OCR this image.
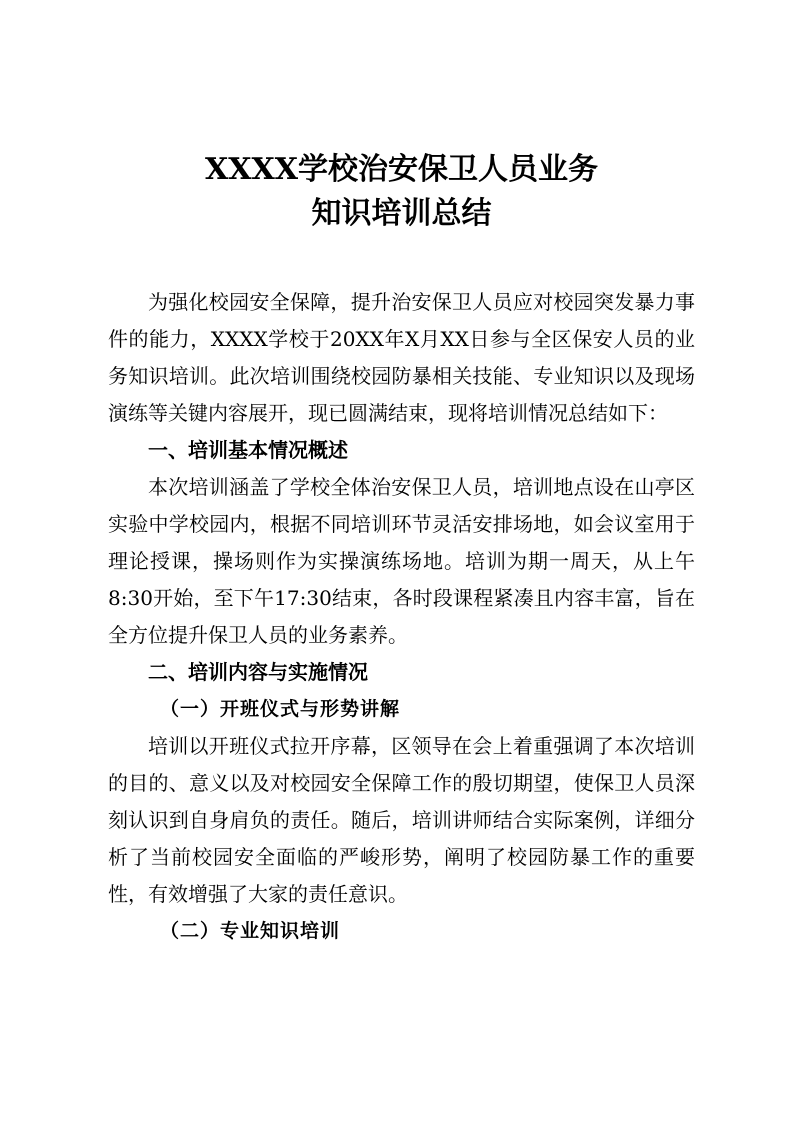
XXXX学校治安保卫人员业务
知识培训总结

为强化校园安全保障，提升治安保卫人员应对校园突发暴力事件的能力，XXXX学校于20XX年X月XX日参与全区保安人员的业务知识培训。此次培训围绕校园防暴相关技能、专业知识以及现场演练等关键内容展开，现已圆满结束，现将培训情况总结如下：

一、培训基本情况概述

本次培训涵盖了学校全体治安保卫人员，培训地点设在山亭区实验中学校园内，根据不同培训环节灵活安排场地，如会议室用于理论授课，操场则作为实操演练场地。培训为期一周天，从上午8:30开始，至下午17:30结束，各时段课程紧凑且内容丰富，旨在全方位提升保卫人员的业务素养。

二、培训内容与实施情况

（一）开班仪式与形势讲解

培训以开班仪式拉开序幕，区领导在会上着重强调了本次培训的目的、意义以及对校园安全保障工作的殷切期望，使保卫人员深刻认识到自身肩负的责任。随后，培训讲师结合实际案例，详细分析了当前校园安全面临的严峻形势，阐明了校园防暴工作的重要性，有效增强了大家的责任意识。

（二）专业知识培训
